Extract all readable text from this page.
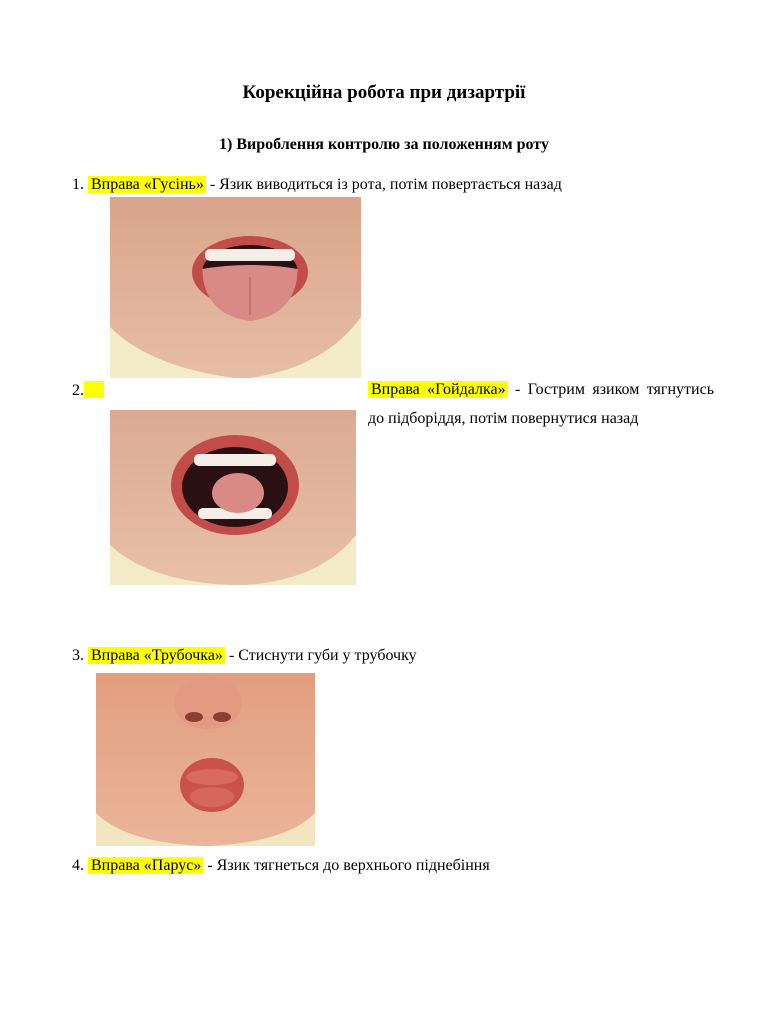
Корекційна робота при дизартрії
1) Вироблення контролю за положенням роту
1. Вправа «Гусінь» - Язик виводиться із рота, потім повертається назад
2.	Вправа «Гойдалка» - Гострим язиком тягнутись до підборіддя, потім повернутися назад
3. Вправа «Трубочка» - Стиснути губи у трубочку
4. Вправа «Парус» - Язик тягнеться до верхнього піднебіння
